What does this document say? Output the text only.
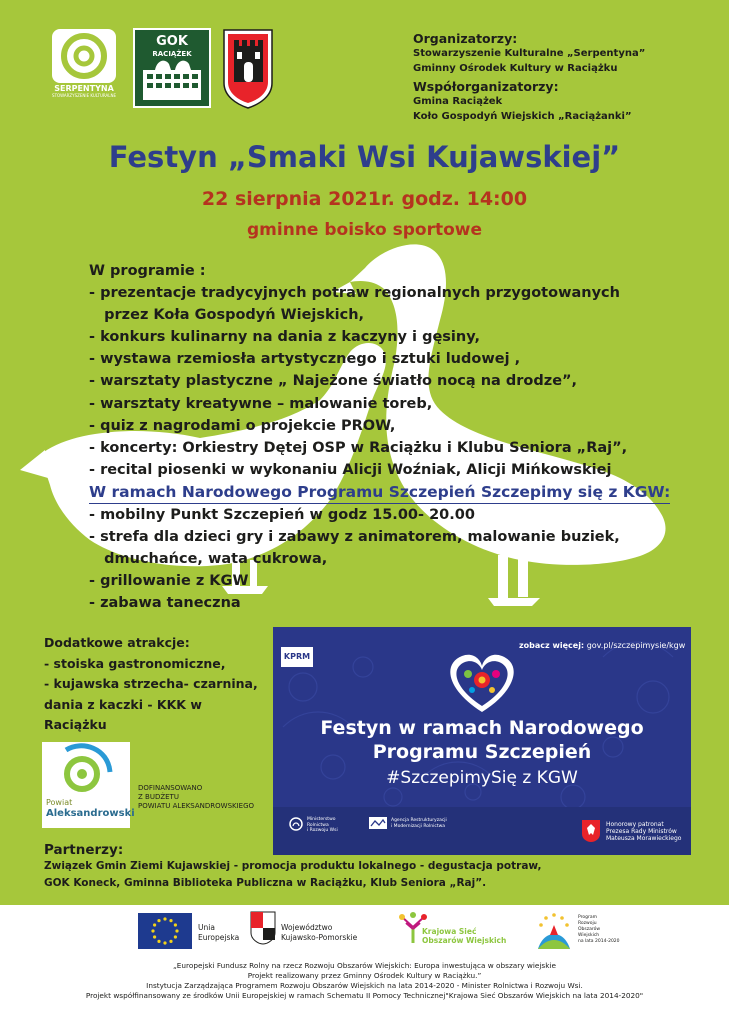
SERPENTYNA
STOWARZYSZENIE KULTURALNE
GOK
RACIĄŻEK
Organizatorzy:
Stowarzyszenie Kulturalne „Serpentyna”
Gminny Ośrodek Kultury w Raciążku
Współorganizatorzy:
Gmina Raciążek
Koło Gospodyń Wiejskich „Raciążanki”
Festyn „Smaki Wsi Kujawskiej”
22 sierpnia 2021r. godz. 14:00
gminne boisko sportowe
W programie :
- prezentacje tradycyjnych potraw regionalnych przygotowanych
przez Koła Gospodyń Wiejskich,
- konkurs kulinarny na dania z kaczyny i gęsiny,
- wystawa rzemiosła artystycznego i sztuki ludowej ,
- warsztaty plastyczne „ Najeżone światło nocą na drodze”,
- warsztaty kreatywne – malowanie toreb,
- quiz z nagrodami o projekcie PROW,
- koncerty: Orkiestry Dętej OSP w Raciążku i Klubu Seniora „Raj”,
- recital piosenki w wykonaniu Alicji Woźniak, Alicji Mińkowskiej
W ramach Narodowego Programu Szczepień Szczepimy się z KGW:
- mobilny Punkt Szczepień w godz 15.00- 20.00
- strefa dla dzieci gry i zabawy z animatorem, malowanie buziek,
dmuchańce, wata cukrowa,
- grillowanie z KGW
- zabawa taneczna
Dodatkowe atrakcje:
- stoiska gastronomiczne,
- kujawska strzecha- czarnina,
dania z kaczki - KKK w Raciążku
KPRM
zobacz więcej: gov.pl/szczepimysie/kgw
Festyn w ramach Narodowego
Programu Szczepień
#SzczepimySię z KGW
Ministerstwo
Rolnictwa
i Rozwoju Wsi
Agencja Restrukturyzacji
i Modernizacji Rolnictwa	Honorowy patronat
Prezesa Rady Ministrów
Mateusza Morawieckiego
Powiat
Aleksandrowski
DOFINANSOWANO
Z BUDŻETU
POWIATU ALEKSANDROWSKIEGO
Partnerzy:
Związek Gmin Ziemi Kujawskiej - promocja produktu lokalnego - degustacja potraw,
GOK Koneck, Gminna Biblioteka Publiczna w Raciążku, Klub Seniora „Raj”.
Unia
Europejska
Województwo
Kujawsko-Pomorskie
Krajowa Sieć
Obszarów Wiejskich
Program
Rozwoju
Obszarów
Wiejskich
na lata 2014-2020
„Europejski Fundusz Rolny na rzecz Rozwoju Obszarów Wiejskich: Europa inwestująca w obszary wiejskie
Projekt realizowany przez Gminny Ośrodek Kultury w Raciążku.”
Instytucja Zarządzająca Programem Rozwoju Obszarów Wiejskich na lata 2014-2020 - Minister Rolnictwa i Rozwoju Wsi.
Projekt współfinansowany ze środków Unii Europejskiej w ramach Schematu II Pomocy Technicznej"Krajowa Sieć Obszarów Wiejskich na lata 2014-2020"
